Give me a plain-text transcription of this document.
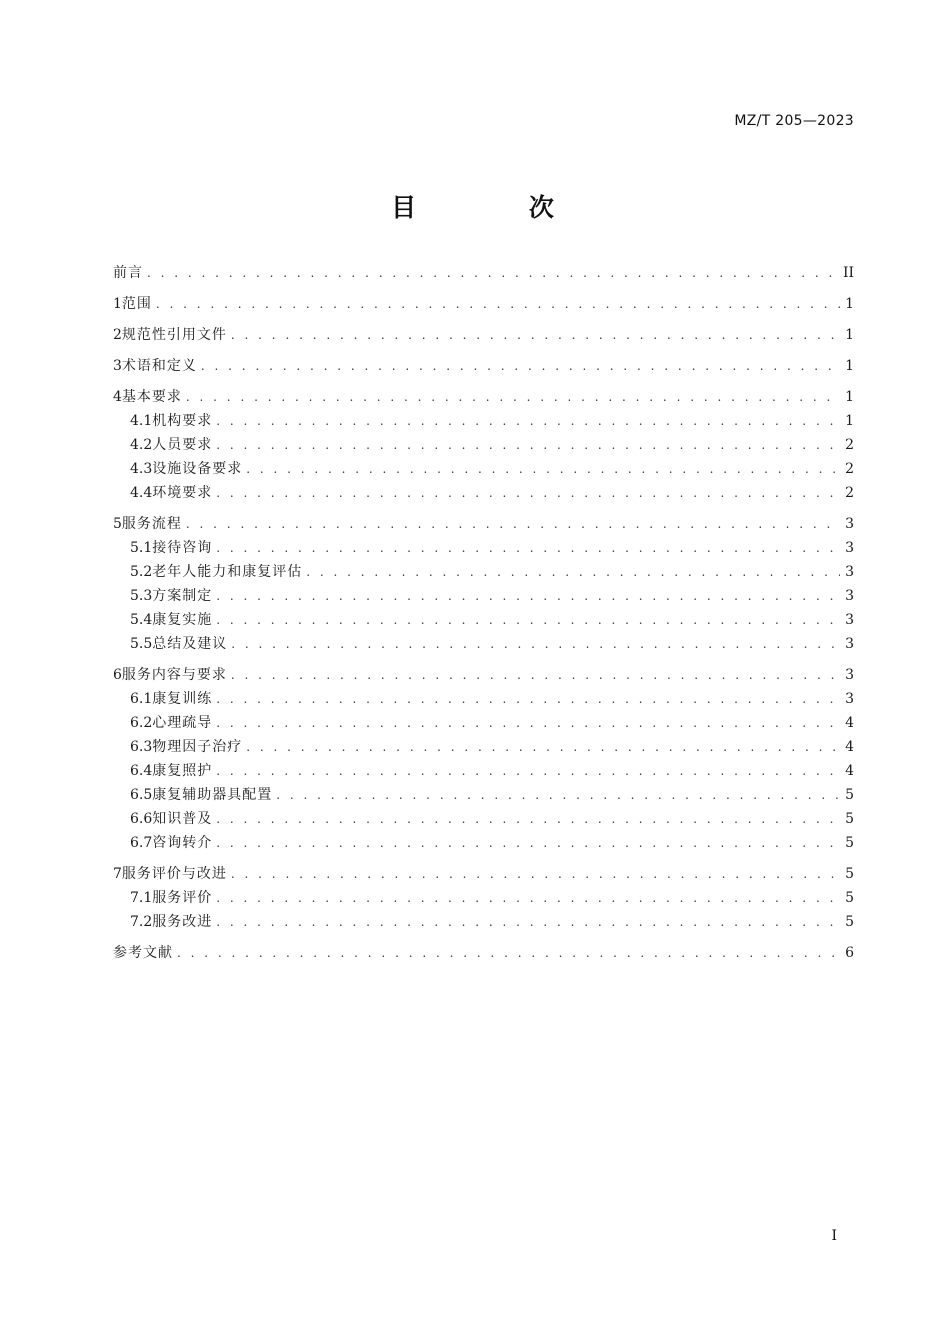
MZ/T 205—2023
目 次
前言 . . .	II
1 范围 . . .	1
2 规范性引用文件 . . .	1
3 术语和定义 . . .	1
4 基本要求 . . .	1
4.1 机构要求 . . .	1
4.2 人员要求 . . .	2
4.3 设施设备要求 . . .	2
4.4 环境要求 . . .	2
5 服务流程 . . .	3
5.1 接待咨询 . . .	3
5.2 老年人能力和康复评估 . . .	3
5.3 方案制定 . . .	3
5.4 康复实施 . . .	3
5.5 总结及建议 . . .	3
6 服务内容与要求 . . .	3
6.1 康复训练 . . .	3
6.2 心理疏导 . . .	4
6.3 物理因子治疗 . . .	4
6.4 康复照护 . . .	4
6.5 康复辅助器具配置 . . .	5
6.6 知识普及 . . .	5
6.7 咨询转介 . . .	5
7 服务评价与改进 . . .	5
7.1 服务评价 . . .	5
7.2 服务改进 . . .	5
参考文献 . . .	6
I
